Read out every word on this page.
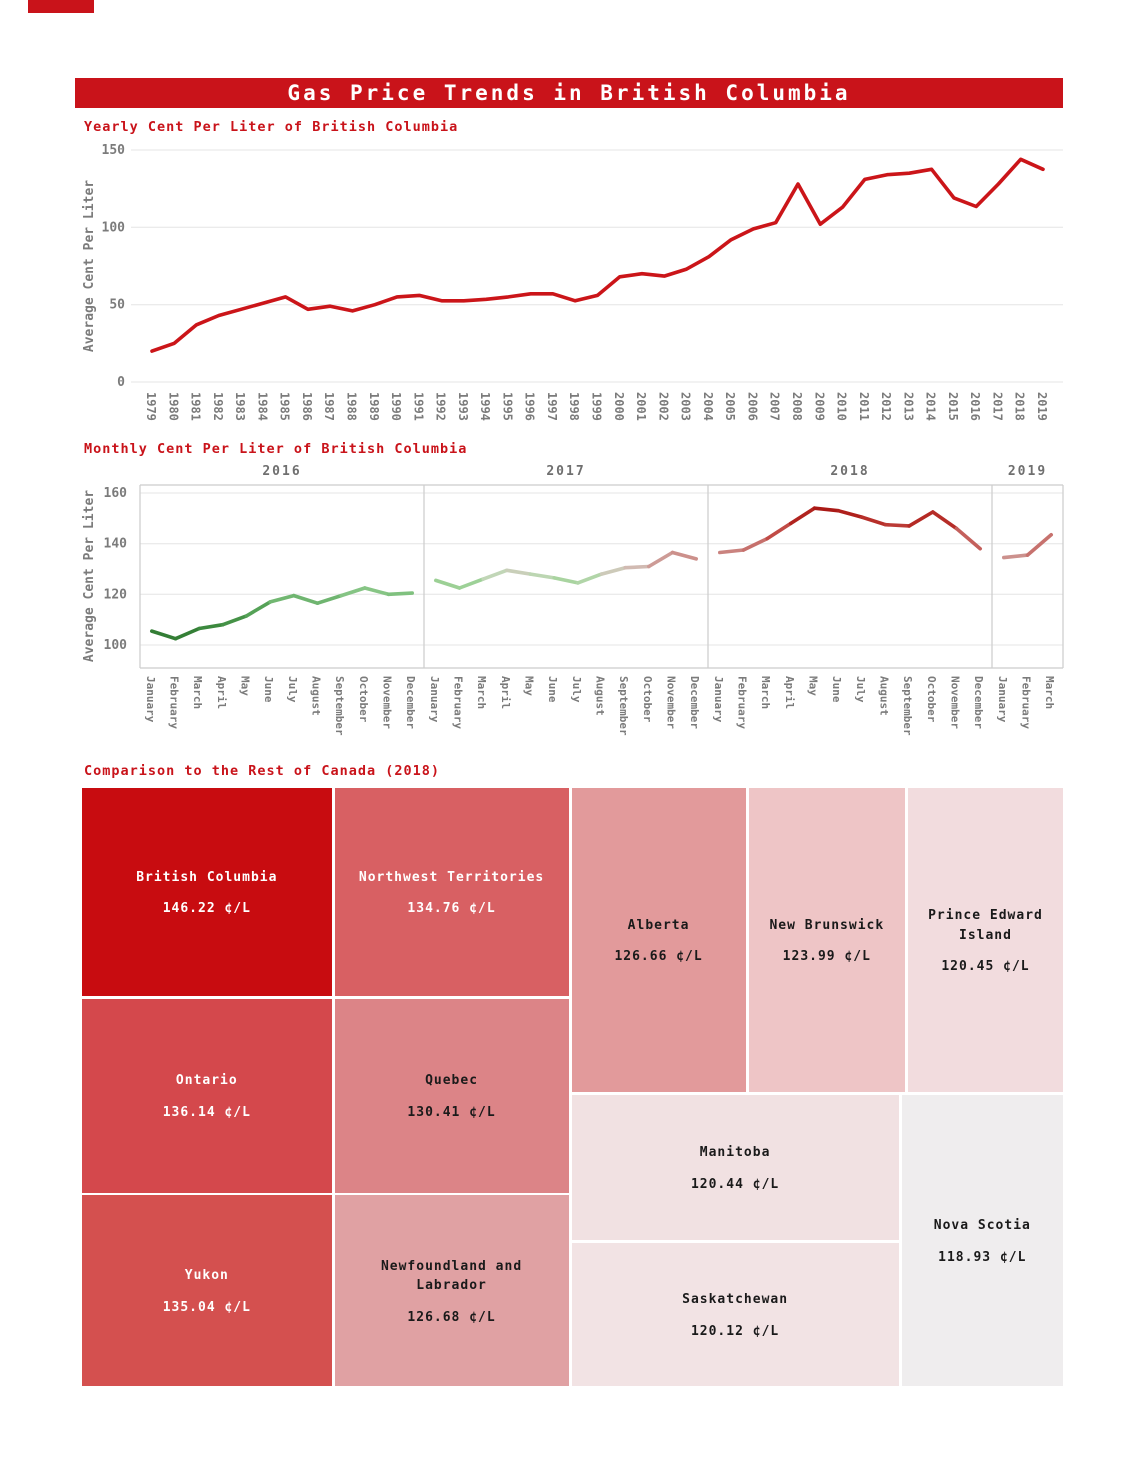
Gas Price Trends in British Columbia
Yearly Cent Per Liter of British Columbia
0
50
100
150
Average Cent Per Liter
1979 1980 1981 1982 1983 1984 1985 1986 1987 1988 1989 1990 1991 1992 1993 1994 1995 1996 1997 1998 1999 2000 2001 2002 2003 2004 2005 2006 2007 2008 2009 2010 2011 2012 2013 2014 2015 2016 2017 2018 2019
Monthly Cent Per Liter of British Columbia
100
120
140
160
Average Cent Per Liter
2016
January February March April May June July August September October November December
2017
January February March April May June July August September October November December
2018
January February March April May June July August September October November December
2019
January February March
Comparison to the Rest of Canada (2018)
British Columbia
146.22 ¢/L
Northwest Territories
134.76 ¢/L
Alberta
126.66 ¢/L
New Brunswick
123.99 ¢/L
Prince Edward Island
120.45 ¢/L
Ontario
136.14 ¢/L
Quebec
130.41 ¢/L
Manitoba
120.44 ¢/L
Yukon
135.04 ¢/L
Newfoundland and Labrador
126.68 ¢/L
Saskatchewan
120.12 ¢/L
Nova Scotia
118.93 ¢/L
